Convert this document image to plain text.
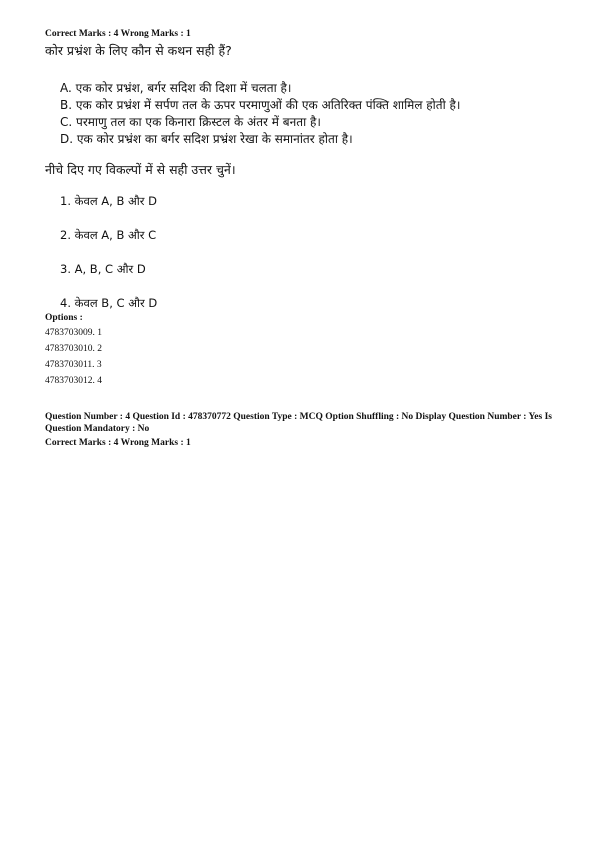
Correct Marks : 4 Wrong Marks : 1
कोर प्रभ्रंश के लिए कौन से कथन सही हैं?
A. एक कोर प्रभ्रंश, बर्गर सदिश की दिशा में चलता है।
B. एक कोर प्रभ्रंश में सर्पण तल के ऊपर परमाणुओं की एक अतिरिक्त पंक्ति शामिल होती है।
C. परमाणु तल का एक किनारा क्रिस्टल के अंतर में बनता है।
D. एक कोर प्रभ्रंश का बर्गर सदिश प्रभ्रंश रेखा के समानांतर होता है।
नीचे दिए गए विकल्पों में से सही उत्तर चुनें।
1. केवल A, B और D
2. केवल A, B और C
3. A, B, C और D
4. केवल B, C और D
Options :
4783703009. 1
4783703010. 2
4783703011. 3
4783703012. 4
Question Number : 4 Question Id : 478370772 Question Type : MCQ Option Shuffling : No Display Question Number : Yes Is Question Mandatory : No
Correct Marks : 4 Wrong Marks : 1
